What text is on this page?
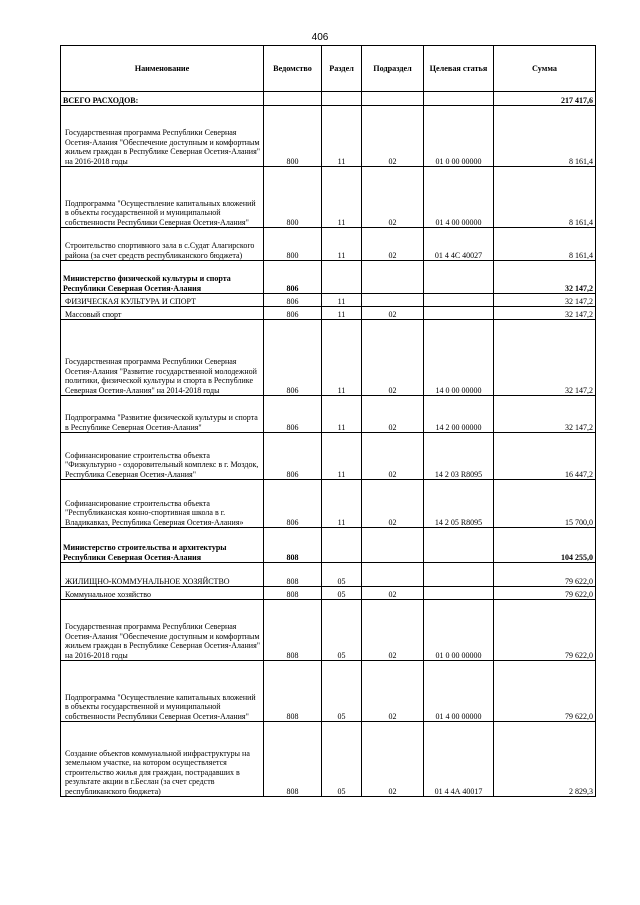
406
Наименование	Ведомство	Раздел	Подраздел	Целевая статья	Сумма
ВСЕГО РАСХОДОВ:					217 417,6
Государственная программа Республики Северная Осетия-Алания "Обеспечение доступным и комфортным жильем граждан в Республике Северная Осетия-Алания" на 2016-2018 годы	800	11	02	01 0 00 00000	8 161,4
Подпрограмма "Осуществление капитальных вложений в объекты государственной и муниципальной собственности Республики Северная Осетия-Алания"	800	11	02	01 4 00 00000	8 161,4
Строительство спортивного зала в с.Судат Алагирского района (за счет средств республиканского бюджета)	800	11	02	01 4 4С 40027	8 161,4
Министерство физической культуры и спорта Республики Северная Осетия-Алания	806				32 147,2
ФИЗИЧЕСКАЯ КУЛЬТУРА И СПОРТ	806	11			32 147,2
Массовый спорт	806	11	02		32 147,2
Государственная программа Республики Северная Осетия-Алания "Развитие государственной молодежной политики, физической культуры и спорта в Республике Северная Осетия-Алания" на 2014-2018 годы	806	11	02	14 0 00 00000	32 147,2
Подпрограмма "Развитие физической культуры и спорта в Республике Северная Осетия-Алания"	806	11	02	14 2 00 00000	32 147,2
Софинансирование строительства объекта "Физкультурно - оздоровительный комплекс в г. Моздок, Республика Северная Осетия-Алания"	806	11	02	14 2 03 R8095	16 447,2
Софинансирование строительства объекта "Республиканская конно-спортивная школа в г. Владикавказ, Республика Северная Осетия-Алания»	806	11	02	14 2 05 R8095	15 700,0
Министерство строительства и архитектуры Республики Северная Осетия-Алания	808				104 255,0
ЖИЛИЩНО-КОММУНАЛЬНОЕ ХОЗЯЙСТВО	808	05			79 622,0
Коммунальное хозяйство	808	05	02		79 622,0
Государственная программа Республики Северная Осетия-Алания "Обеспечение доступным и комфортным жильем граждан в Республике Северная Осетия-Алания" на 2016-2018 годы	808	05	02	01 0 00 00000	79 622,0
Подпрограмма "Осуществление капитальных вложений в объекты государственной и муниципальной собственности Республики Северная Осетия-Алания"	808	05	02	01 4 00 00000	79 622,0
Создание объектов коммунальной инфраструктуры на земельном участке, на котором осуществляется строительство жилья для граждан, пострадавших в результате акции в г.Беслан (за счет средств республиканского бюджета)	808	05	02	01 4 4А 40017	2 829,3
